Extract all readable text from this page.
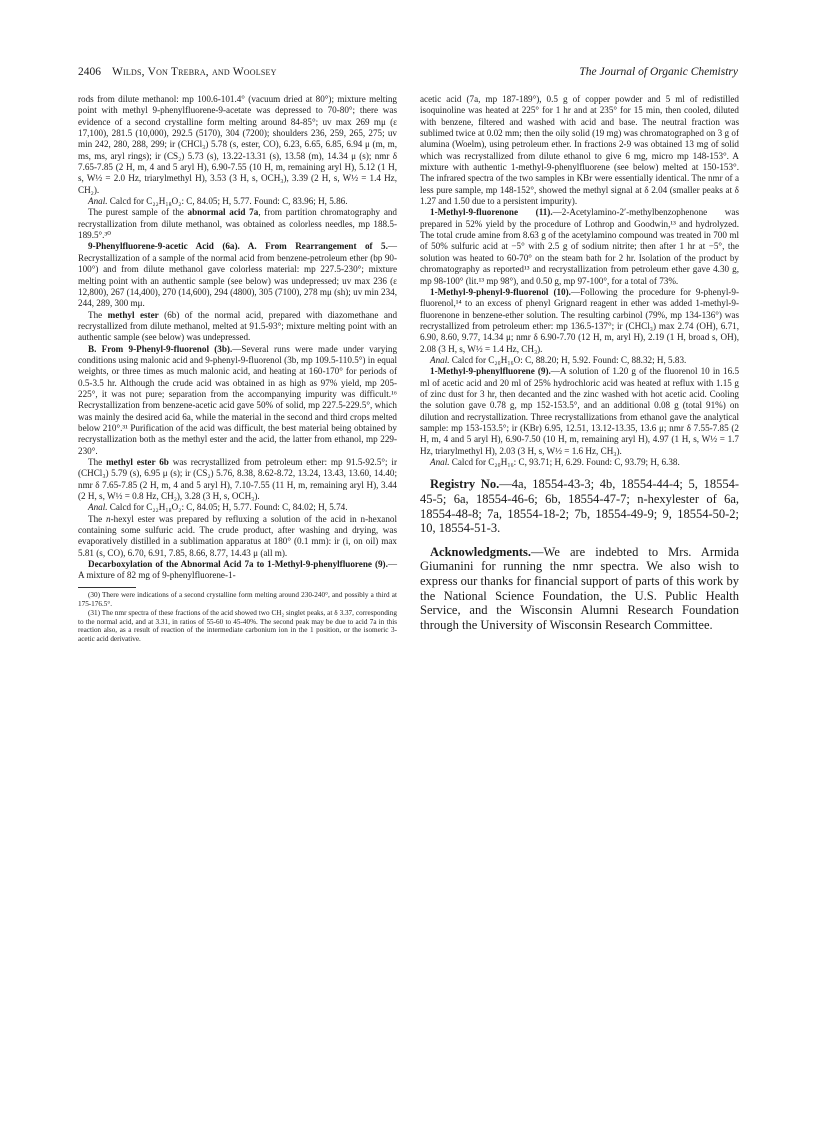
2406 Wilds, Von Trebra, and Woolsey	The Journal of Organic Chemistry

rods from dilute methanol: mp 100.6-101.4° (vacuum dried at 80°); mixture melting point with methyl 9-phenylfluorene-9-acetate was depressed to 70-80°; there was evidence of a second crystalline form melting around 84-85°; uv max 269 mμ (ε 17,100), 281.5 (10,000), 292.5 (5170), 304 (7200); shoulders 236, 259, 265, 275; uv min 242, 280, 288, 299; ir (CHCl₃) 5.78 (s, ester, CO), 6.23, 6.65, 6.85, 6.94 μ (m, m, ms, ms, aryl rings); ir (CS₂) 5.73 (s), 13.22-13.31 (s), 13.58 (m), 14.34 μ (s); nmr δ 7.65-7.85 (2 H, m, 4 and 5 aryl H), 6.90-7.55 (10 H, m, remaining aryl H), 5.12 (1 H, s, W½ = 2.0 Hz, triarylmethyl H), 3.53 (3 H, s, OCH₃), 3.39 (2 H, s, W½ = 1.4 Hz, CH₂).

Anal. Calcd for C₂₂H₁₈O₂: C, 84.05; H, 5.77. Found: C, 83.96; H, 5.86.

The purest sample of the abnormal acid 7a, from partition chromatography and recrystallization from dilute methanol, was obtained as colorless needles, mp 188.5-189.5°.³⁰

9-Phenylfluorene-9-acetic Acid (6a). A. From Rearrangement of 5.—Recrystallization of a sample of the normal acid from benzene-petroleum ether (bp 90-100°) and from dilute methanol gave colorless material: mp 227.5-230°; mixture melting point with an authentic sample (see below) was undepressed; uv max 236 (ε 12,800), 267 (14,400), 270 (14,600), 294 (4800), 305 (7100), 278 mμ (sh); uv min 234, 244, 289, 300 mμ.

The methyl ester (6b) of the normal acid, prepared with diazomethane and recrystallized from dilute methanol, melted at 91.5-93°; mixture melting point with an authentic sample (see below) was undepressed.

B. From 9-Phenyl-9-fluorenol (3b).—Several runs were made under varying conditions using malonic acid and 9-phenyl-9-fluorenol (3b, mp 109.5-110.5°) in equal weights, or three times as much malonic acid, and heating at 160-170° for periods of 0.5-3.5 hr. Although the crude acid was obtained in as high as 97% yield, mp 205-225°, it was not pure; separation from the accompanying impurity was difficult.¹⁶ Recrystallization from benzene-acetic acid gave 50% of solid, mp 227.5-229.5°, which was mainly the desired acid 6a, while the material in the second and third crops melted below 210°.³¹ Purification of the acid was difficult, the best material being obtained by recrystallization both as the methyl ester and the acid, the latter from ethanol, mp 229-230°.

The methyl ester 6b was recrystallized from petroleum ether: mp 91.5-92.5°; ir (CHCl₃) 5.79 (s), 6.95 μ (s); ir (CS₂) 5.76, 8.38, 8.62-8.72, 13.24, 13.43, 13.60, 14.40; nmr δ 7.65-7.85 (2 H, m, 4 and 5 aryl H), 7.10-7.55 (11 H, m, remaining aryl H), 3.44 (2 H, s, W½ = 0.8 Hz, CH₂), 3.28 (3 H, s, OCH₃).

Anal. Calcd for C₂₂H₁₈O₂: C, 84.05; H, 5.77. Found: C, 84.02; H, 5.74.

The n-hexyl ester was prepared by refluxing a solution of the acid in n-hexanol containing some sulfuric acid. The crude product, after washing and drying, was evaporatively distilled in a sublimation apparatus at 180° (0.1 mm): ir (i, on oil) max 5.81 (s, CO), 6.70, 6.91, 7.85, 8.66, 8.77, 14.43 μ (all m).

Decarboxylation of the Abnormal Acid 7a to 1-Methyl-9-phenylfluorene (9).—A mixture of 82 mg of 9-phenylfluorene-1-

(30) There were indications of a second crystalline form melting around 230-240°, and possibly a third at 175-176.5°.

(31) The nmr spectra of these fractions of the acid showed two CH₂ singlet peaks, at δ 3.37, corresponding to the normal acid, and at 3.31, in ratios of 55-60 to 45-40%. The second peak may be due to acid 7a in this reaction also, as a result of reaction of the intermediate carbonium ion in the 1 position, or the isomeric 3-acetic acid derivative.

acetic acid (7a, mp 187-189°), 0.5 g of copper powder and 5 ml of redistilled isoquinoline was heated at 225° for 1 hr and at 235° for 15 min, then cooled, diluted with benzene, filtered and washed with acid and base. The neutral fraction was sublimed twice at 0.02 mm; then the oily solid (19 mg) was chromatographed on 3 g of alumina (Woelm), using petroleum ether. In fractions 2-9 was obtained 13 mg of solid which was recrystallized from dilute ethanol to give 6 mg, micro mp 148-153°. A mixture with authentic 1-methyl-9-phenylfluorene (see below) melted at 150-153°. The infrared spectra of the two samples in KBr were essentially identical. The nmr of a less pure sample, mp 148-152°, showed the methyl signal at δ 2.04 (smaller peaks at δ 1.27 and 1.50 due to a persistent impurity).

1-Methyl-9-fluorenone (11).—2-Acetylamino-2′-methylbenzophenone was prepared in 52% yield by the procedure of Lothrop and Goodwin,¹³ and hydrolyzed. The total crude amine from 8.63 g of the acetylamino compound was treated in 700 ml of 50% sulfuric acid at −5° with 2.5 g of sodium nitrite; then after 1 hr at −5°, the solution was heated to 60-70° on the steam bath for 2 hr. Isolation of the product by chromatography as reported¹³ and recrystallization from petroleum ether gave 4.30 g, mp 98-100° (lit.¹³ mp 98°), and 0.50 g, mp 97-100°, for a total of 73%.

1-Methyl-9-phenyl-9-fluorenol (10).—Following the procedure for 9-phenyl-9-fluorenol,¹⁴ to an excess of phenyl Grignard reagent in ether was added 1-methyl-9-fluorenone in benzene-ether solution. The resulting carbinol (79%, mp 134-136°) was recrystallized from petroleum ether: mp 136.5-137°; ir (CHCl₃) max 2.74 (OH), 6.71, 6.90, 8.60, 9.77, 14.34 μ; nmr δ 6.90-7.70 (12 H, m, aryl H), 2.19 (1 H, broad s, OH), 2.08 (3 H, s, W½ = 1.4 Hz, CH₃).

Anal. Calcd for C₂₀H₁₆O: C, 88.20; H, 5.92. Found: C, 88.32; H, 5.83.

1-Methyl-9-phenylfluorene (9).—A solution of 1.20 g of the fluorenol 10 in 16.5 ml of acetic acid and 20 ml of 25% hydrochloric acid was heated at reflux with 1.15 g of zinc dust for 3 hr, then decanted and the zinc washed with hot acetic acid. Cooling the solution gave 0.78 g, mp 152-153.5°, and an additional 0.08 g (total 91%) on dilution and recrystallization. Three recrystallizations from ethanol gave the analytical sample: mp 153-153.5°; ir (KBr) 6.95, 12.51, 13.12-13.35, 13.6 μ; nmr δ 7.55-7.85 (2 H, m, 4 and 5 aryl H), 6.90-7.50 (10 H, m, remaining aryl H), 4.97 (1 H, s, W½ = 1.7 Hz, triarylmethyl H), 2.03 (3 H, s, W½ = 1.6 Hz, CH₃).

Anal. Calcd for C₂₀H₁₆: C, 93.71; H, 6.29. Found: C, 93.79; H, 6.38.

Registry No.—4a, 18554-43-3; 4b, 18554-44-4; 5, 18554-45-5; 6a, 18554-46-6; 6b, 18554-47-7; n-hexylester of 6a, 18554-48-8; 7a, 18554-18-2; 7b, 18554-49-9; 9, 18554-50-2; 10, 18554-51-3.

Acknowledgments.—We are indebted to Mrs. Armida Giumanini for running the nmr spectra. We also wish to express our thanks for financial support of parts of this work by the National Science Foundation, the U.S. Public Health Service, and the Wisconsin Alumni Research Foundation through the University of Wisconsin Research Committee.
